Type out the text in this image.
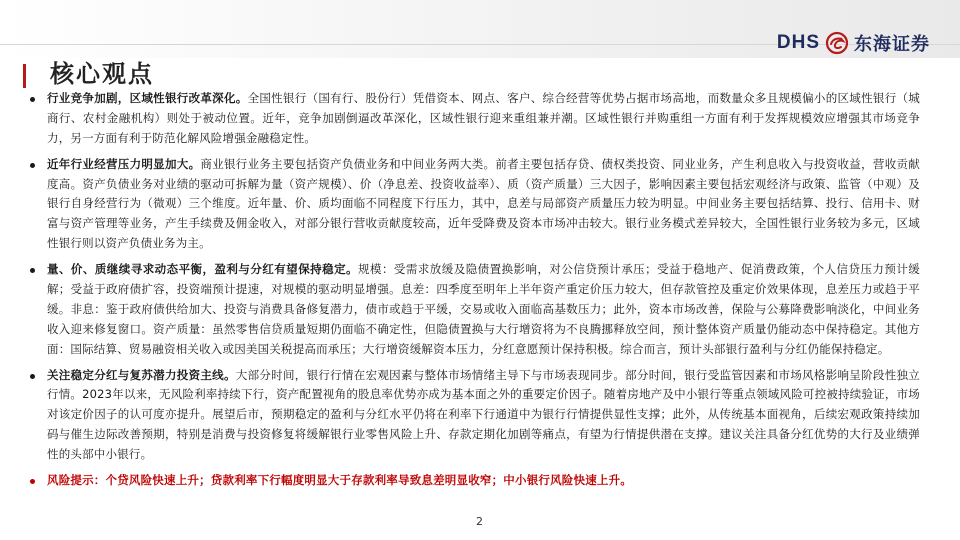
DHS 东海证券
核心观点
行业竞争加剧，区域性银行改革深化。全国性银行（国有行、股份行）凭借资本、网点、客户、综合经营等优势占据市场高地，而数量众多且规模偏小的区域性银行（城商行、农村金融机构）则处于被动位置。近年，竞争加剧倒逼改革深化，区域性银行迎来重组兼并潮。区域性银行并购重组一方面有利于发挥规模效应增强其市场竞争力，另一方面有利于防范化解风险增强金融稳定性。
近年行业经营压力明显加大。商业银行业务主要包括资产负债业务和中间业务两大类。前者主要包括存贷、债权类投资、同业业务，产生利息收入与投资收益，营收贡献度高。资产负债业务对业绩的驱动可拆解为量（资产规模）、价（净息差、投资收益率）、质（资产质量）三大因子，影响因素主要包括宏观经济与政策、监管（中观）及银行自身经营行为（微观）三个维度。近年量、价、质均面临不同程度下行压力，其中，息差与局部资产质量压力较为明显。中间业务主要包括结算、投行、信用卡、财富与资产管理等业务，产生手续费及佣金收入，对部分银行营收贡献度较高，近年受降费及资本市场冲击较大。银行业务模式差异较大，全国性银行业务较为多元，区域性银行则以资产负债业务为主。
量、价、质继续寻求动态平衡，盈利与分红有望保持稳定。规模：受需求放缓及隐债置换影响，对公信贷预计承压；受益于稳地产、促消费政策，个人信贷压力预计缓解；受益于政府债扩容，投资端预计提速，对规模的驱动明显增强。息差：四季度至明年上半年资产重定价压力较大，但存款管控及重定价效果体现，息差压力或趋于平缓。非息：鉴于政府债供给加大、投资与消费具备修复潜力，债市或趋于平缓，交易或收入面临高基数压力；此外，资本市场改善，保险与公募降费影响淡化，中间业务收入迎来修复窗口。资产质量：虽然零售信贷质量短期仍面临不确定性，但隐债置换与大行增资将为不良腾挪释放空间，预计整体资产质量仍能动态中保持稳定。其他方面：国际结算、贸易融资相关收入或因美国关税提高而承压；大行增资缓解资本压力，分红意愿预计保持积极。综合而言，预计头部银行盈利与分红仍能保持稳定。
关注稳定分红与复苏潜力投资主线。大部分时间，银行行情在宏观因素与整体市场情绪主导下与市场表现同步。部分时间，银行受监管因素和市场风格影响呈阶段性独立行情。2023年以来，无风险利率持续下行，资产配置视角的股息率优势亦成为基本面之外的重要定价因子。随着房地产及中小银行等重点领域风险可控被持续验证，市场对该定价因子的认可度亦提升。展望后市，预期稳定的盈利与分红水平仍将在利率下行通道中为银行行情提供显性支撑；此外，从传统基本面视角，后续宏观政策持续加码与催生边际改善预期，特别是消费与投资修复将缓解银行业零售风险上升、存款定期化加剧等痛点，有望为行情提供潜在支撑。建议关注具备分红优势的大行及业绩弹性的头部中小银行。
风险提示：个贷风险快速上升；贷款利率下行幅度明显大于存款利率导致息差明显收窄；中小银行风险快速上升。
2
